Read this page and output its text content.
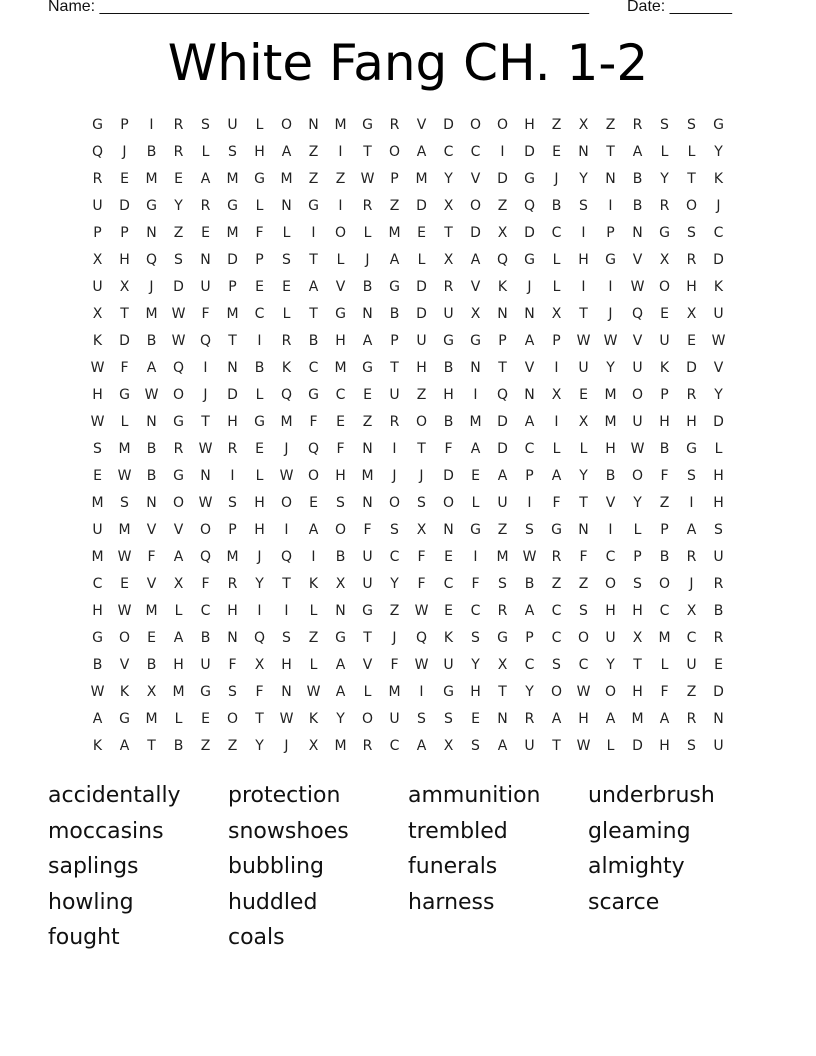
Name: _______________________________________________________ Date: _______
White Fang CH. 1-2
G	P	I	R	S	U	L	O	N	M	G	R	V	D	O	O	H	Z	X	Z	R	S	S	G
Q	J	B	R	L	S	H	A	Z	I	T	O	A	C	C	I	D	E	N	T	A	L	L	Y
R	E	M	E	A	M	G	M	Z	Z	W	P	M	Y	V	D	G	J	Y	N	B	Y	T	K
U	D	G	Y	R	G	L	N	G	I	R	Z	D	X	O	Z	Q	B	S	I	B	R	O	J
P	P	N	Z	E	M	F	L	I	O	L	M	E	T	D	X	D	C	I	P	N	G	S	C
X	H	Q	S	N	D	P	S	T	L	J	A	L	X	A	Q	G	L	H	G	V	X	R	D
U	X	J	D	U	P	E	E	A	V	B	G	D	R	V	K	J	L	I	I	W	O	H	K
X	T	M	W	F	M	C	L	T	G	N	B	D	U	X	N	N	X	T	J	Q	E	X	U
K	D	B	W	Q	T	I	R	B	H	A	P	U	G	G	P	A	P	W W	V	U	E	W
W	F	A	Q	I	N	B	K	C	M	G	T	H	B	N	T	V	I	U	Y	U	K	D	V
H	G	W	O	J	D	L	Q	G	C	E	U	Z	H	I	Q	N	X	E	M	O	P	R	Y
W	L	N	G	T	H	G	M	F	E	Z	R	O	B	M	D	A	I	X	M	U	H	H	D
S	M	B	R	W	R	E	J	Q	F	N	I	T	F	A	D	C	L	L	H	W	B	G	L
E	W	B	G	N	I	L	W	O	H	M	J	J	D	E	A	P	A	Y	B	O	F	S	H
M	S	N	O	W	S	H	O	E	S	N	O	S	O	L	U	I	F	T	V	Y	Z	I	H
U	M	V	V	O	P	H	I	A	O	F	S	X	N	G	Z	S	G	N	I	L	P	A	S
M	W	F	A	Q	M	J	Q	I	B	U	C	F	E	I	M	W	R	F	C	P	B	R	U
C	E	V	X	F	R	Y	T	K	X	U	Y	F	C	F	S	B	Z	Z	O	S	O	J	R
H	W	M	L	C	H	I	I	L	N	G	Z	W	E	C	R	A	C	S	H	H	C	X	B
G	O	E	A	B	N	Q	S	Z	G	T	J	Q	K	S	G	P	C	O	U	X	M	C	R
B	V	B	H	U	F	X	H	L	A	V	F	W	U	Y	X	C	S	C	Y	T	L	U	E
W	K	X	M	G	S	F	N	W	A	L	M	I	G	H	T	Y	O	W	O	H	F	Z	D
A	G	M	L	E	O	T	W	K	Y	O	U	S	S	E	N	R	A	H	A	M	A	R	N
K	A	T	B	Z	Z	Y	J	X	M	R	C	A	X	S	A	U	T	W	L	D	H	S	U
accidentally	protection	ammunition	underbrush
moccasins	snowshoes	trembled	gleaming
saplings	bubbling	funerals	almighty
howling	huddled	harness	scarce
fought	coals
